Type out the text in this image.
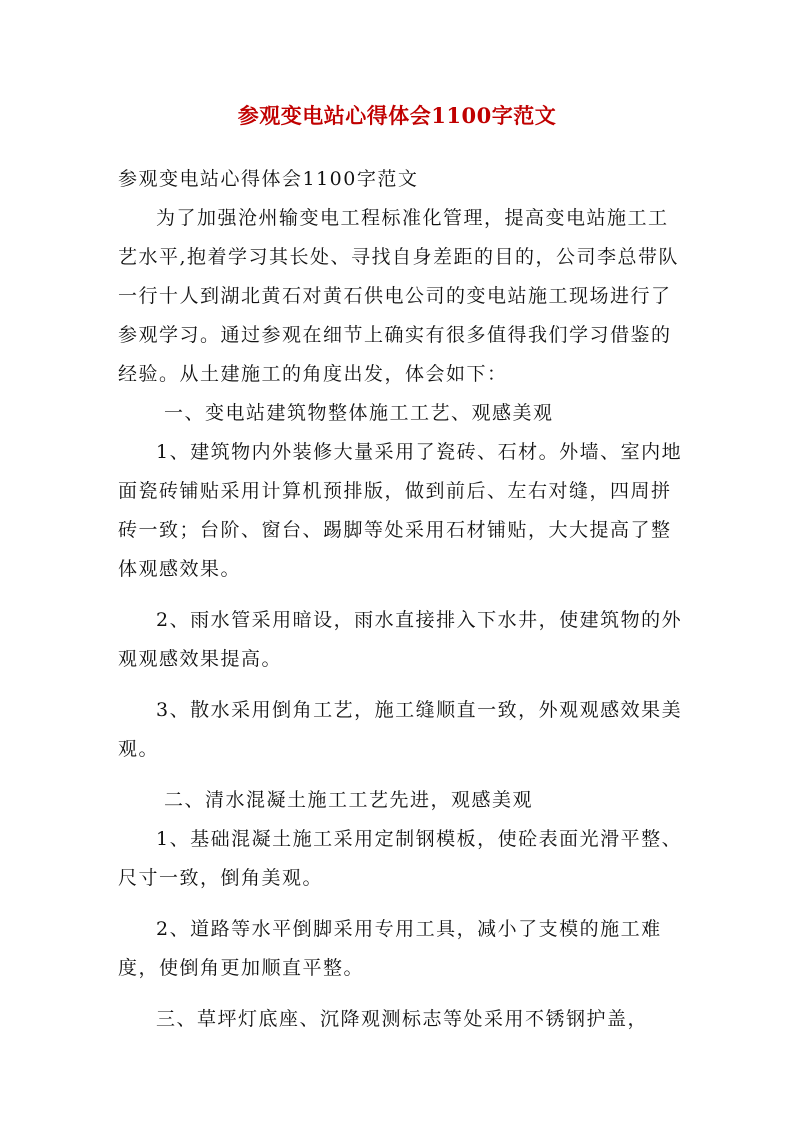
参观变电站心得体会1100字范文

参观变电站心得体会1100字范文

为了加强沧州输变电工程标准化管理，提高变电站施工工艺水平,抱着学习其长处、寻找自身差距的目的，公司李总带队一行十人到湖北黄石对黄石供电公司的变电站施工现场进行了参观学习。通过参观在细节上确实有很多值得我们学习借鉴的经验。从土建施工的角度出发，体会如下：

一、变电站建筑物整体施工工艺、观感美观

1、建筑物内外装修大量采用了瓷砖、石材。外墙、室内地面瓷砖铺贴采用计算机预排版，做到前后、左右对缝，四周拼砖一致；台阶、窗台、踢脚等处采用石材铺贴，大大提高了整体观感效果。

2、雨水管采用暗设，雨水直接排入下水井，使建筑物的外观观感效果提高。

3、散水采用倒角工艺，施工缝顺直一致，外观观感效果美观。

二、清水混凝土施工工艺先进，观感美观

1、基础混凝土施工采用定制钢模板，使砼表面光滑平整、尺寸一致，倒角美观。

2、道路等水平倒脚采用专用工具，减小了支模的施工难度，使倒角更加顺直平整。

三、草坪灯底座、沉降观测标志等处采用不锈钢护盖，
